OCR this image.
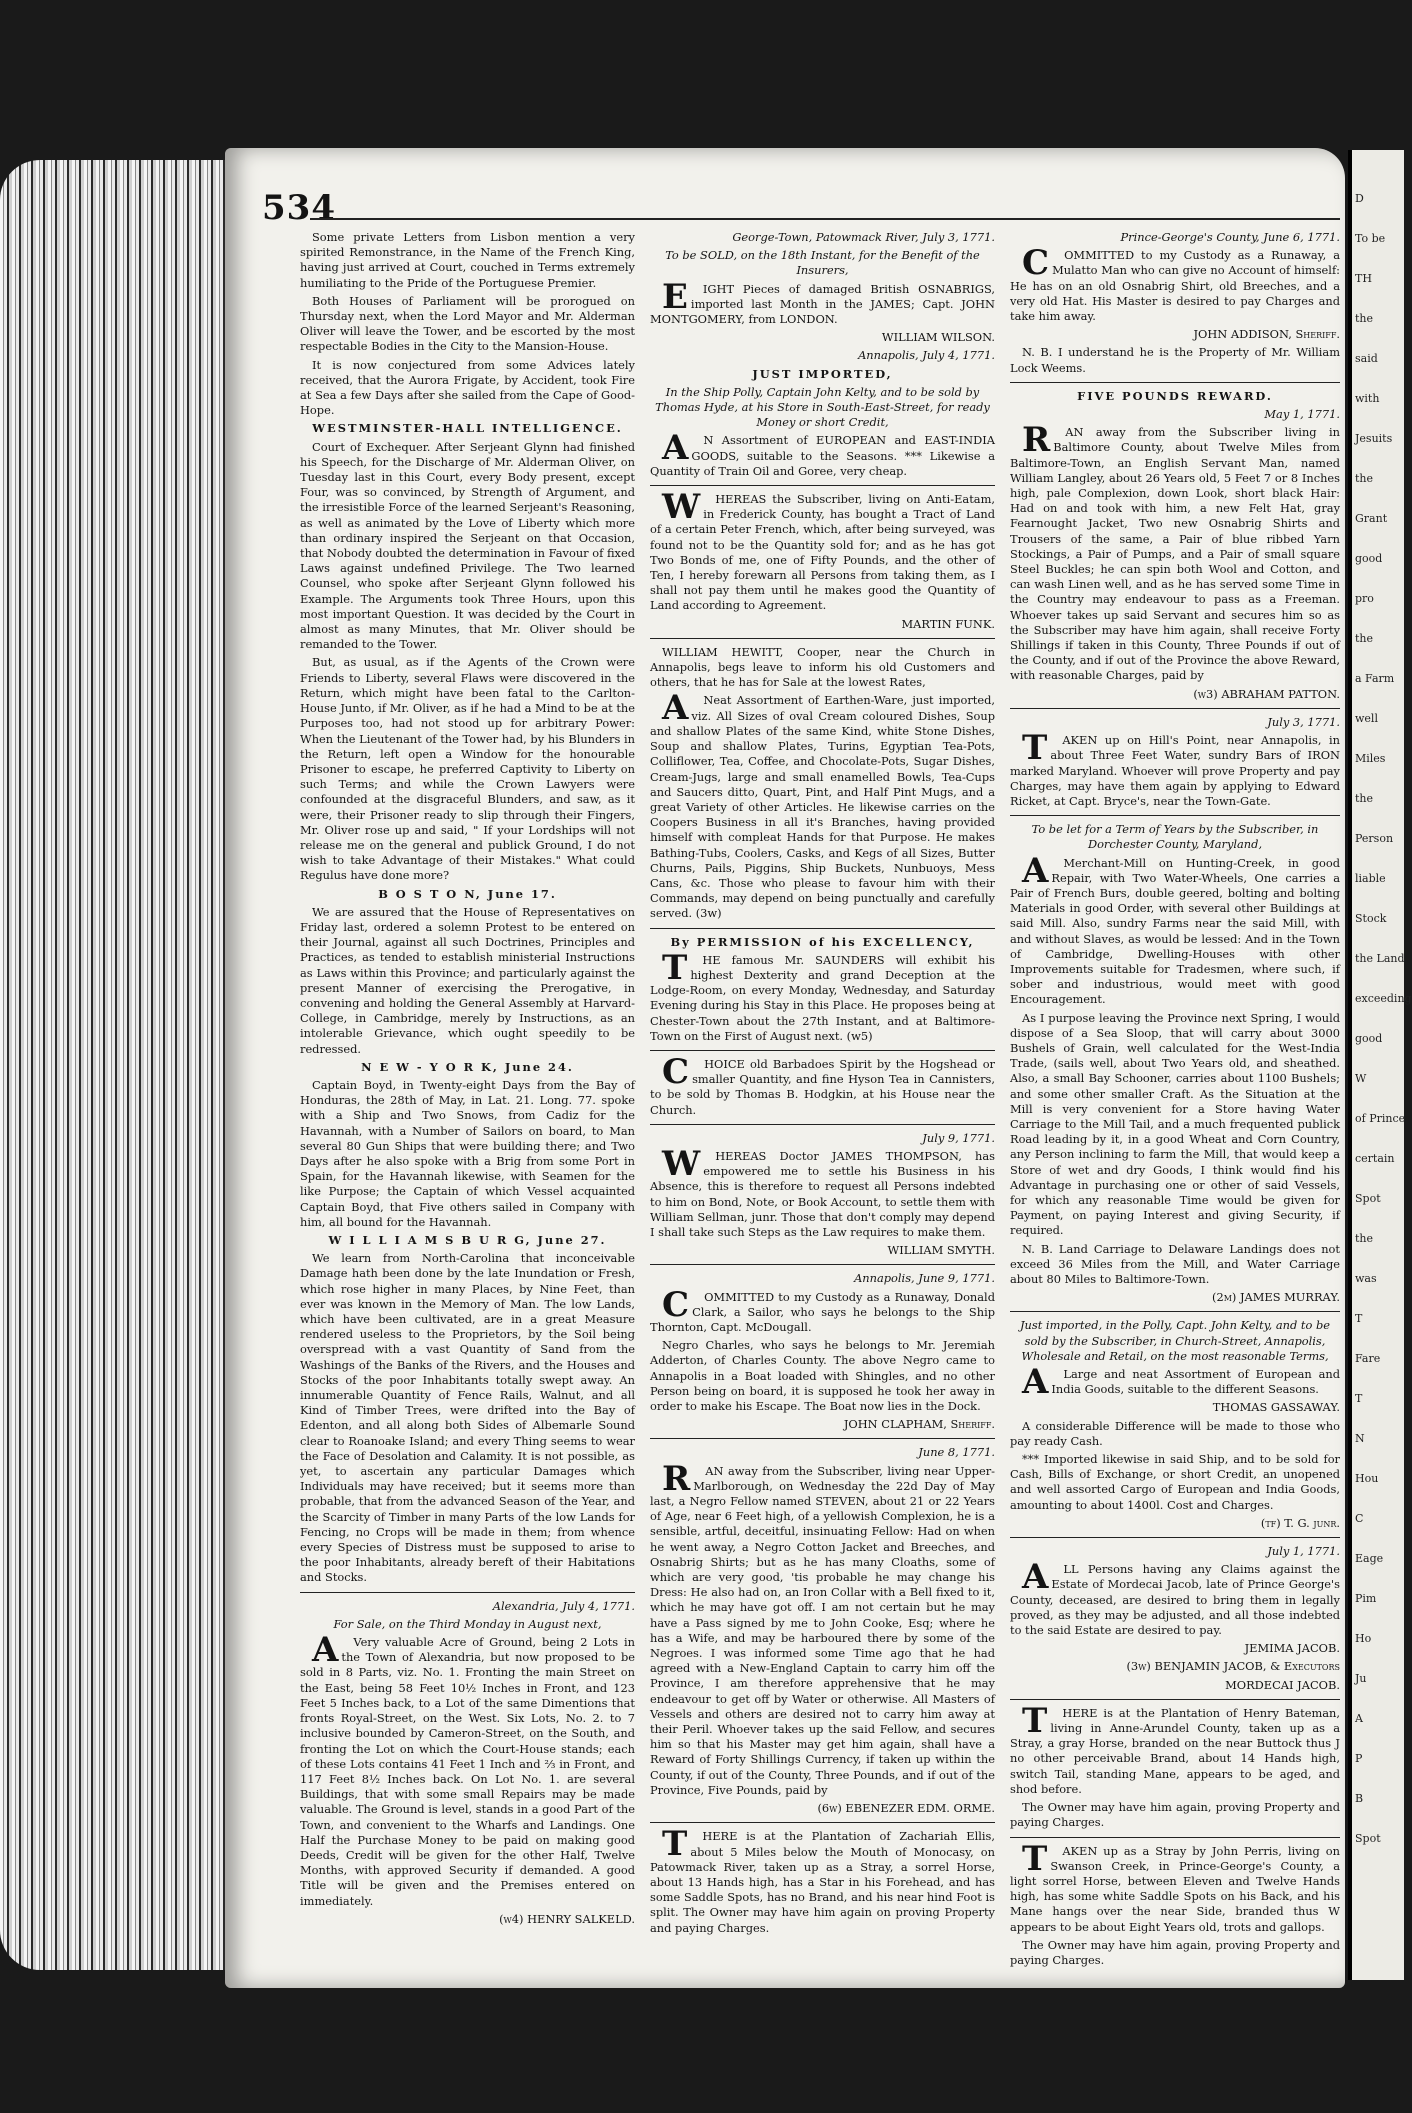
D
To be
TH
the
said
with
Jesuits
the
Grant
good
pro
the
a Farm
well
Miles
the
Person
liable
Stock
the Land
exceeding
good
W
of Prince
certain
Spot
the
was
T
Fare
T
N
Hou
C
Eage
Pim
Ho
Ju
A
P
B
Spot
534

Some private Letters from Lisbon mention a very spirited Remonstrance, in the Name of the French King, having just arrived at Court, couched in Terms extremely humiliating to the Pride of the Portuguese Premier.

Both Houses of Parliament will be prorogued on Thursday next, when the Lord Mayor and Mr. Alderman Oliver will leave the Tower, and be escorted by the most respectable Bodies in the City to the Mansion-House.

It is now conjectured from some Advices lately received, that the Aurora Frigate, by Accident, took Fire at Sea a few Days after she sailed from the Cape of Good-Hope.

WESTMINSTER-HALL INTELLIGENCE.

Court of Exchequer. After Serjeant Glynn had finished his Speech, for the Discharge of Mr. Alderman Oliver, on Tuesday last in this Court, every Body present, except Four, was so convinced, by Strength of Argument, and the irresistible Force of the learned Serjeant's Reasoning, as well as animated by the Love of Liberty which more than ordinary inspired the Serjeant on that Occasion, that Nobody doubted the determination in Favour of fixed Laws against undefined Privilege. The Two learned Counsel, who spoke after Serjeant Glynn followed his Example. The Arguments took Three Hours, upon this most important Question. It was decided by the Court in almost as many Minutes, that Mr. Oliver should be remanded to the Tower.

But, as usual, as if the Agents of the Crown were Friends to Liberty, several Flaws were discovered in the Return, which might have been fatal to the Carlton-House Junto, if Mr. Oliver, as if he had a Mind to be at the Purposes too, had not stood up for arbitrary Power: When the Lieutenant of the Tower had, by his Blunders in the Return, left open a Window for the honourable Prisoner to escape, he preferred Captivity to Liberty on such Terms; and while the Crown Lawyers were confounded at the disgraceful Blunders, and saw, as it were, their Prisoner ready to slip through their Fingers, Mr. Oliver rose up and said, " If your Lordships will not release me on the general and publick Ground, I do not wish to take Advantage of their Mistakes." What could Regulus have done more?

B O S T O N, June 17.

We are assured that the House of Representatives on Friday last, ordered a solemn Protest to be entered on their Journal, against all such Doctrines, Principles and Practices, as tended to establish ministerial Instructions as Laws within this Province; and particularly against the present Manner of exercising the Prerogative, in convening and holding the General Assembly at Harvard-College, in Cambridge, merely by Instructions, as an intolerable Grievance, which ought speedily to be redressed.

N E W - Y O R K, June 24.

Captain Boyd, in Twenty-eight Days from the Bay of Honduras, the 28th of May, in Lat. 21. Long. 77. spoke with a Ship and Two Snows, from Cadiz for the Havannah, with a Number of Sailors on board, to Man several 80 Gun Ships that were building there; and Two Days after he also spoke with a Brig from some Port in Spain, for the Havannah likewise, with Seamen for the like Purpose; the Captain of which Vessel acquainted Captain Boyd, that Five others sailed in Company with him, all bound for the Havannah.

W I L L I A M S B U R G, June 27.

We learn from North-Carolina that inconceivable Damage hath been done by the late Inundation or Fresh, which rose higher in many Places, by Nine Feet, than ever was known in the Memory of Man. The low Lands, which have been cultivated, are in a great Measure rendered useless to the Proprietors, by the Soil being overspread with a vast Quantity of Sand from the Washings of the Banks of the Rivers, and the Houses and Stocks of the poor Inhabitants totally swept away. An innumerable Quantity of Fence Rails, Walnut, and all Kind of Timber Trees, were drifted into the Bay of Edenton, and all along both Sides of Albemarle Sound clear to Roanoake Island; and every Thing seems to wear the Face of Desolation and Calamity. It is not possible, as yet, to ascertain any particular Damages which Individuals may have received; but it seems more than probable, that from the advanced Season of the Year, and the Scarcity of Timber in many Parts of the low Lands for Fencing, no Crops will be made in them; from whence every Species of Distress must be supposed to arise to the poor Inhabitants, already bereft of their Habitations and Stocks.

Alexandria, July 4, 1771.

For Sale, on the Third Monday in August next,

AVery valuable Acre of Ground, being 2 Lots in the Town of Alexandria, but now proposed to be sold in 8 Parts, viz. No. 1. Fronting the main Street on the East, being 58 Feet 10½ Inches in Front, and 123 Feet 5 Inches back, to a Lot of the same Dimentions that fronts Royal-Street, on the West. Six Lots, No. 2. to 7 inclusive bounded by Cameron-Street, on the South, and fronting the Lot on which the Court-House stands; each of these Lots contains 41 Feet 1 Inch and ⅔ in Front, and 117 Feet 8½ Inches back. On Lot No. 1. are several Buildings, that with some small Repairs may be made valuable. The Ground is level, stands in a good Part of the Town, and convenient to the Wharfs and Landings. One Half the Purchase Money to be paid on making good Deeds, Credit will be given for the other Half, Twelve Months, with approved Security if demanded. A good Title will be given and the Premises entered on immediately.

(w4) HENRY SALKELD.

George-Town, Patowmack River, July 3, 1771.

To be SOLD, on the 18th Instant, for the Benefit of the Insurers,

EIGHT Pieces of damaged British OSNABRIGS, imported last Month in the JAMES; Capt. JOHN MONTGOMERY, from LONDON.

WILLIAM WILSON.

Annapolis, July 4, 1771.

JUST IMPORTED,

In the Ship Polly, Captain John Kelty, and to be sold by Thomas Hyde, at his Store in South-East-Street, for ready Money or short Credit,

AN Assortment of EUROPEAN and EAST-INDIA GOODS, suitable to the Seasons. *** Likewise a Quantity of Train Oil and Goree, very cheap.

WHEREAS the Subscriber, living on Anti-Eatam, in Frederick County, has bought a Tract of Land of a certain Peter French, which, after being surveyed, was found not to be the Quantity sold for; and as he has got Two Bonds of me, one of Fifty Pounds, and the other of Ten, I hereby forewarn all Persons from taking them, as I shall not pay them until he makes good the Quantity of Land according to Agreement.

MARTIN FUNK.

WILLIAM HEWITT, Cooper, near the Church in Annapolis, begs leave to inform his old Customers and others, that he has for Sale at the lowest Rates,

ANeat Assortment of Earthen-Ware, just imported, viz. All Sizes of oval Cream coloured Dishes, Soup and shallow Plates of the same Kind, white Stone Dishes, Soup and shallow Plates, Turins, Egyptian Tea-Pots, Colliflower, Tea, Coffee, and Chocolate-Pots, Sugar Dishes, Cream-Jugs, large and small enamelled Bowls, Tea-Cups and Saucers ditto, Quart, Pint, and Half Pint Mugs, and a great Variety of other Articles. He likewise carries on the Coopers Business in all it's Branches, having provided himself with compleat Hands for that Purpose. He makes Bathing-Tubs, Coolers, Casks, and Kegs of all Sizes, Butter Churns, Pails, Piggins, Ship Buckets, Nunbuoys, Mess Cans, &c. Those who please to favour him with their Commands, may depend on being punctually and carefully served. (3w)

By PERMISSION of his EXCELLENCY,

THE famous Mr. SAUNDERS will exhibit his highest Dexterity and grand Deception at the Lodge-Room, on every Monday, Wednesday, and Saturday Evening during his Stay in this Place. He proposes being at Chester-Town about the 27th Instant, and at Baltimore-Town on the First of August next. (w5)

CHOICE old Barbadoes Spirit by the Hogshead or smaller Quantity, and fine Hyson Tea in Cannisters, to be sold by Thomas B. Hodgkin, at his House near the Church.

July 9, 1771.

WHEREAS Doctor JAMES THOMPSON, has empowered me to settle his Business in his Absence, this is therefore to request all Persons indebted to him on Bond, Note, or Book Account, to settle them with William Sellman, junr. Those that don't comply may depend I shall take such Steps as the Law requires to make them.

WILLIAM SMYTH.

Annapolis, June 9, 1771.

COMMITTED to my Custody as a Runaway, Donald Clark, a Sailor, who says he belongs to the Ship Thornton, Capt. McDougall.

Negro Charles, who says he belongs to Mr. Jeremiah Adderton, of Charles County. The above Negro came to Annapolis in a Boat loaded with Shingles, and no other Person being on board, it is supposed he took her away in order to make his Escape. The Boat now lies in the Dock.

JOHN CLAPHAM, Sheriff.

June 8, 1771.

RAN away from the Subscriber, living near Upper-Marlborough, on Wednesday the 22d Day of May last, a Negro Fellow named STEVEN, about 21 or 22 Years of Age, near 6 Feet high, of a yellowish Complexion, he is a sensible, artful, deceitful, insinuating Fellow: Had on when he went away, a Negro Cotton Jacket and Breeches, and Osnabrig Shirts; but as he has many Cloaths, some of which are very good, 'tis probable he may change his Dress: He also had on, an Iron Collar with a Bell fixed to it, which he may have got off. I am not certain but he may have a Pass signed by me to John Cooke, Esq; where he has a Wife, and may be harboured there by some of the Negroes. I was informed some Time ago that he had agreed with a New-England Captain to carry him off the Province, I am therefore apprehensive that he may endeavour to get off by Water or otherwise. All Masters of Vessels and others are desired not to carry him away at their Peril. Whoever takes up the said Fellow, and secures him so that his Master may get him again, shall have a Reward of Forty Shillings Currency, if taken up within the County, if out of the County, Three Pounds, and if out of the Province, Five Pounds, paid by

(6w) EBENEZER EDM. ORME.

THERE is at the Plantation of Zachariah Ellis, about 5 Miles below the Mouth of Monocasy, on Patowmack River, taken up as a Stray, a sorrel Horse, about 13 Hands high, has a Star in his Forehead, and has some Saddle Spots, has no Brand, and his near hind Foot is split. The Owner may have him again on proving Property and paying Charges.

Prince-George's County, June 6, 1771.

COMMITTED to my Custody as a Runaway, a Mulatto Man who can give no Account of himself: He has on an old Osnabrig Shirt, old Breeches, and a very old Hat. His Master is desired to pay Charges and take him away.

JOHN ADDISON, Sheriff.

N. B. I understand he is the Property of Mr. William Lock Weems.

FIVE POUNDS REWARD.

May 1, 1771.

RAN away from the Subscriber living in Baltimore County, about Twelve Miles from Baltimore-Town, an English Servant Man, named William Langley, about 26 Years old, 5 Feet 7 or 8 Inches high, pale Complexion, down Look, short black Hair: Had on and took with him, a new Felt Hat, gray Fearnought Jacket, Two new Osnabrig Shirts and Trousers of the same, a Pair of blue ribbed Yarn Stockings, a Pair of Pumps, and a Pair of small square Steel Buckles; he can spin both Wool and Cotton, and can wash Linen well, and as he has served some Time in the Country may endeavour to pass as a Freeman. Whoever takes up said Servant and secures him so as the Subscriber may have him again, shall receive Forty Shillings if taken in this County, Three Pounds if out of the County, and if out of the Province the above Reward, with reasonable Charges, paid by

(w3) ABRAHAM PATTON.

July 3, 1771.

TAKEN up on Hill's Point, near Annapolis, in about Three Feet Water, sundry Bars of IRON marked Maryland. Whoever will prove Property and pay Charges, may have them again by applying to Edward Ricket, at Capt. Bryce's, near the Town-Gate.

To be let for a Term of Years by the Subscriber, in Dorchester County, Maryland,

AMerchant-Mill on Hunting-Creek, in good Repair, with Two Water-Wheels, One carries a Pair of French Burs, double geered, bolting and bolting Materials in good Order, with several other Buildings at said Mill. Also, sundry Farms near the said Mill, with and without Slaves, as would be lessed: And in the Town of Cambridge, Dwelling-Houses with other Improvements suitable for Tradesmen, where such, if sober and industrious, would meet with good Encouragement.

As I purpose leaving the Province next Spring, I would dispose of a Sea Sloop, that will carry about 3000 Bushels of Grain, well calculated for the West-India Trade, (sails well, about Two Years old, and sheathed. Also, a small Bay Schooner, carries about 1100 Bushels; and some other smaller Craft. As the Situation at the Mill is very convenient for a Store having Water Carriage to the Mill Tail, and a much frequented publick Road leading by it, in a good Wheat and Corn Country, any Person inclining to farm the Mill, that would keep a Store of wet and dry Goods, I think would find his Advantage in purchasing one or other of said Vessels, for which any reasonable Time would be given for Payment, on paying Interest and giving Security, if required.

N. B. Land Carriage to Delaware Landings does not exceed 36 Miles from the Mill, and Water Carriage about 80 Miles to Baltimore-Town.

(2m) JAMES MURRAY.

Just imported, in the Polly, Capt. John Kelty, and to be sold by the Subscriber, in Church-Street, Annapolis, Wholesale and Retail, on the most reasonable Terms,

ALarge and neat Assortment of European and India Goods, suitable to the different Seasons.

THOMAS GASSAWAY.

A considerable Difference will be made to those who pay ready Cash.

*** Imported likewise in said Ship, and to be sold for Cash, Bills of Exchange, or short Credit, an unopened and well assorted Cargo of European and India Goods, amounting to about 1400l. Cost and Charges.

(tf) T. G. junr.

July 1, 1771.

ALL Persons having any Claims against the Estate of Mordecai Jacob, late of Prince George's County, deceased, are desired to bring them in legally proved, as they may be adjusted, and all those indebted to the said Estate are desired to pay.

JEMIMA JACOB.

(3w) BENJAMIN JACOB, & Executors

MORDECAI JACOB.

THERE is at the Plantation of Henry Bateman, living in Anne-Arundel County, taken up as a Stray, a gray Horse, branded on the near Buttock thus J no other perceivable Brand, about 14 Hands high, switch Tail, standing Mane, appears to be aged, and shod before.

The Owner may have him again, proving Property and paying Charges.

TAKEN up as a Stray by John Perris, living on Swanson Creek, in Prince-George's County, a light sorrel Horse, between Eleven and Twelve Hands high, has some white Saddle Spots on his Back, and his Mane hangs over the near Side, branded thus W appears to be about Eight Years old, trots and gallops.

The Owner may have him again, proving Property and paying Charges.
